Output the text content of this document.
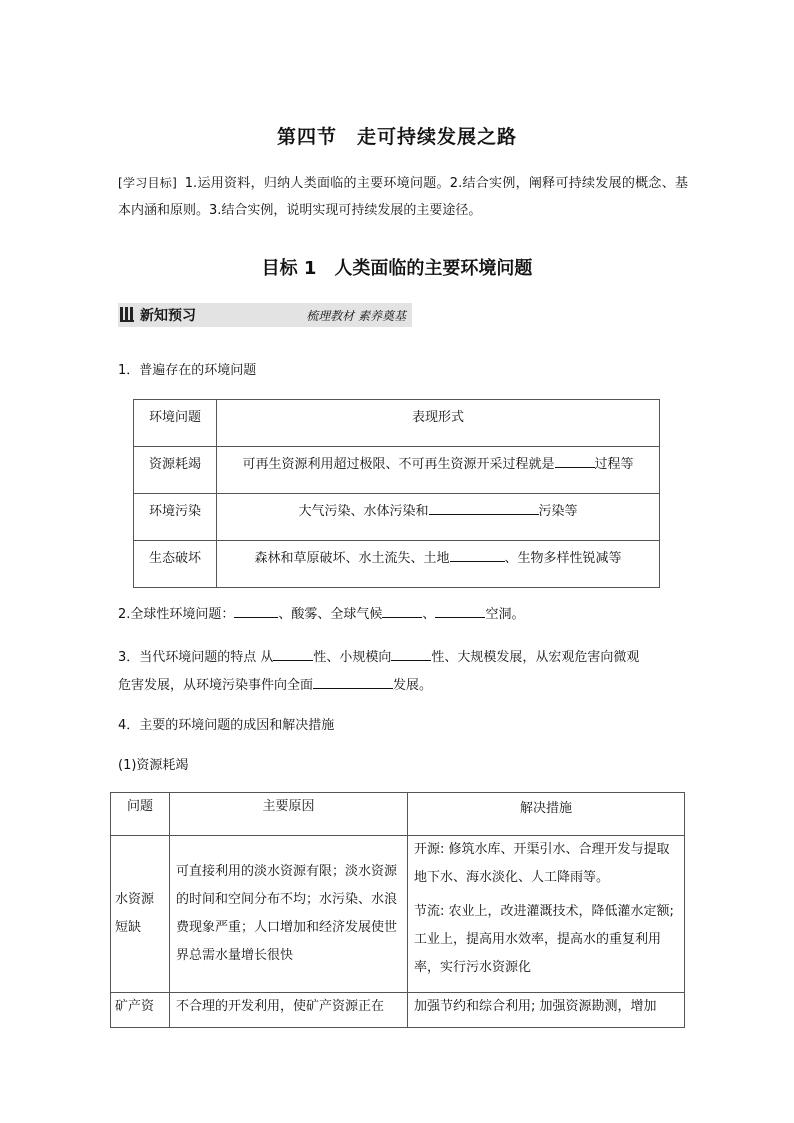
第四节 走可持续发展之路
[学习目标] 1.运用资料，归纳人类面临的主要环境问题。2.结合实例，阐释可持续发展的概念、基本内涵和原则。3.结合实例，说明实现可持续发展的主要途径。
目标 1 人类面临的主要环境问题
新知预习	梳理教材 素养奠基
1．普遍存在的环境问题
环境问题	表现形式
资源耗竭	可再生资源利用超过极限、不可再生资源开采过程就是 过程等
环境污染	大气污染、水体污染和 污染等
生态破坏	森林和草原破坏、水土流失、土地 、生物多样性锐减等
2.全球性环境问题：	、酸雾、全球气候	、	空洞。
3．当代环境问题的特点 从	性、小规模向	性、大规模发展，从宏观危害向微观
危害发展，从环境污染事件向全面	发展。
4．主要的环境问题的成因和解决措施
(1)资源耗竭
问题	主要原因	解决措施
水资源短缺	可直接利用的淡水资源有限；淡水资源的时间和空间分布不均；水污染、水浪费现象严重；人口增加和经济发展使世界总需水量增长很快	开源: 修筑水库、开渠引水、合理开发与提取地下水、海水淡化、人工降雨等。

节流: 农业上，改进灌溉技术，降低灌水定额; 工业上，提高用水效率，提高水的重复利用率，实行污水资源化

矿产资	不合理的开发利用，使矿产资源正在	加强节约和综合利用; 加强资源勘测，增加
